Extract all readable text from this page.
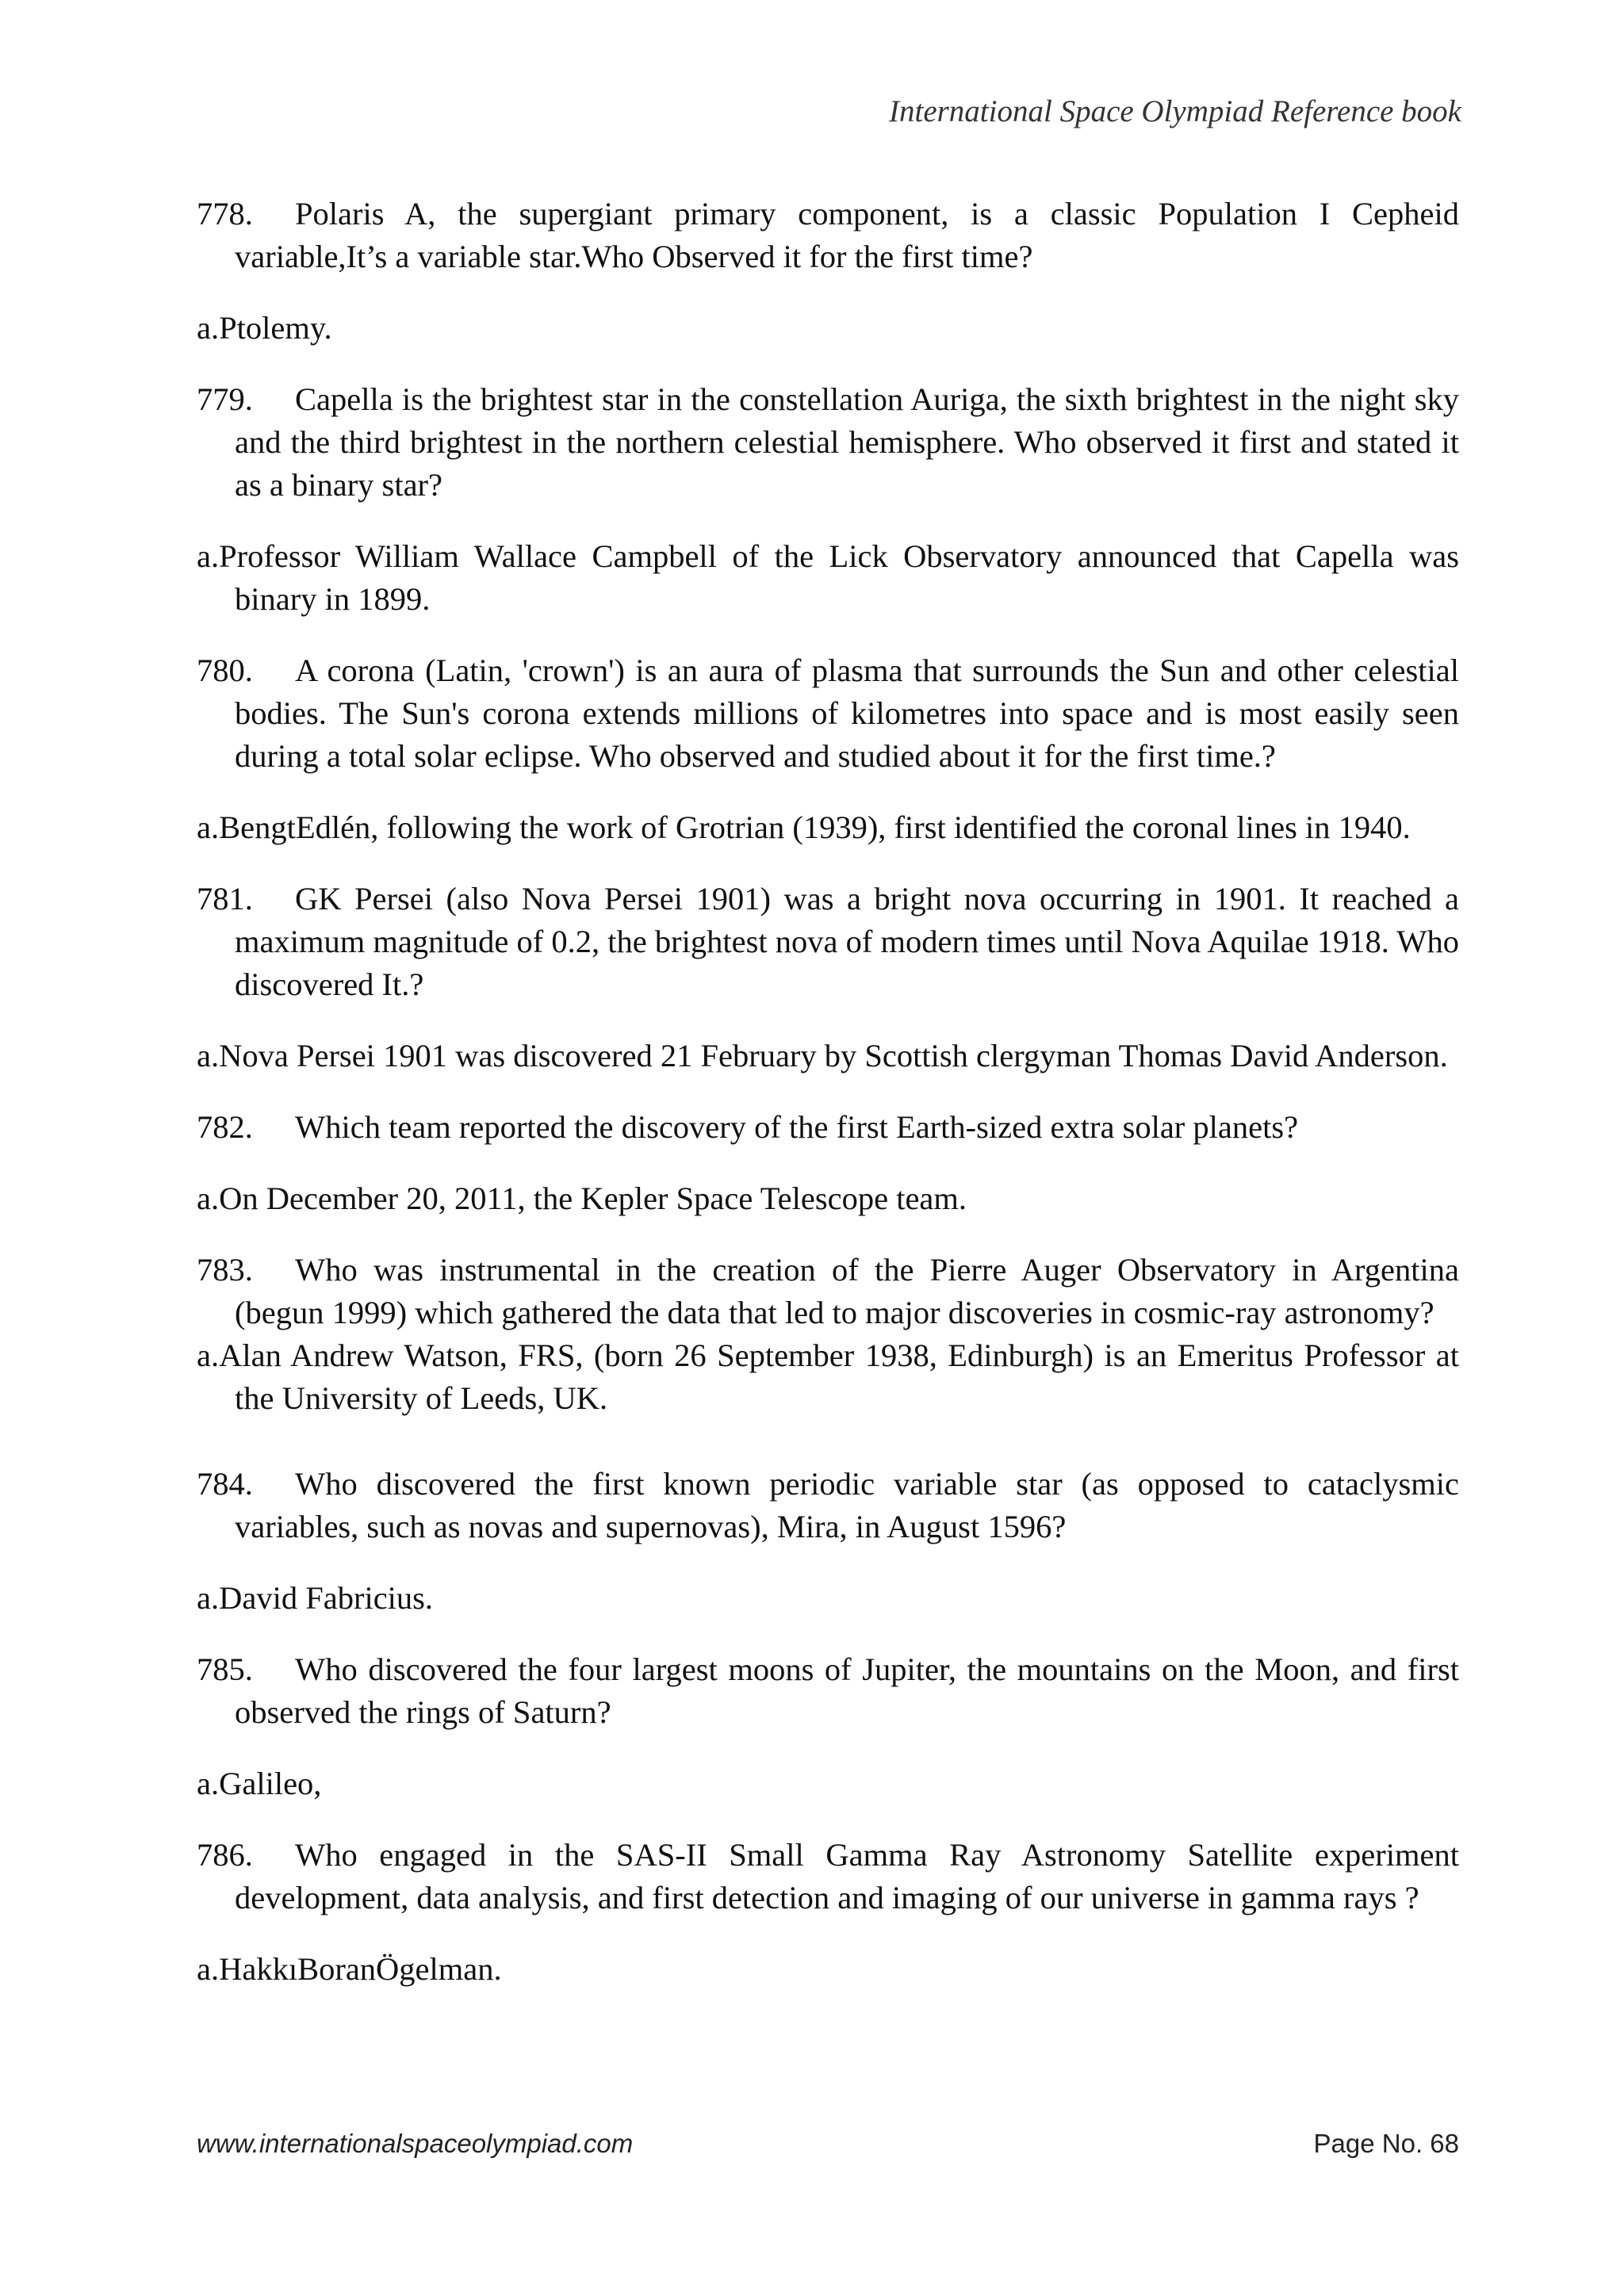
International Space Olympiad Reference book
778. Polaris A, the supergiant primary component, is a classic Population I Cepheid variable,It’s a variable star.Who Observed it for the first time?
a.Ptolemy.
779. Capella is the brightest star in the constellation Auriga, the sixth brightest in the night sky and the third brightest in the northern celestial hemisphere. Who observed it first and stated it as a binary star?
a.Professor William Wallace Campbell of the Lick Observatory announced that Capella was binary in 1899.
780. A corona (Latin, 'crown') is an aura of plasma that surrounds the Sun and other celestial bodies. The Sun's corona extends millions of kilometres into space and is most easily seen during a total solar eclipse. Who observed and studied about it for the first time.?
a.BengtEdlén, following the work of Grotrian (1939), first identified the coronal lines in 1940.
781. GK Persei (also Nova Persei 1901) was a bright nova occurring in 1901. It reached a maximum magnitude of 0.2, the brightest nova of modern times until Nova Aquilae 1918. Who discovered It.?
a.Nova Persei 1901 was discovered 21 February by Scottish clergyman Thomas David Anderson.
782. Which team reported the discovery of the first Earth-sized extra solar planets?
a.On December 20, 2011, the Kepler Space Telescope team.
783. Who was instrumental in the creation of the Pierre Auger Observatory in Argentina (begun 1999) which gathered the data that led to major discoveries in cosmic-ray astronomy?
a.Alan Andrew Watson, FRS, (born 26 September 1938, Edinburgh) is an Emeritus Professor at the University of Leeds, UK.
784. Who discovered the first known periodic variable star (as opposed to cataclysmic variables, such as novas and supernovas), Mira, in August 1596?
a.David Fabricius.
785. Who discovered the four largest moons of Jupiter, the mountains on the Moon, and first observed the rings of Saturn?
a.Galileo,
786. Who engaged in the SAS-II Small Gamma Ray Astronomy Satellite experiment development, data analysis, and first detection and imaging of our universe in gamma rays ?
a.HakkıBoranÖgelman.
www.internationalspaceolympiad.com	Page No. 68
